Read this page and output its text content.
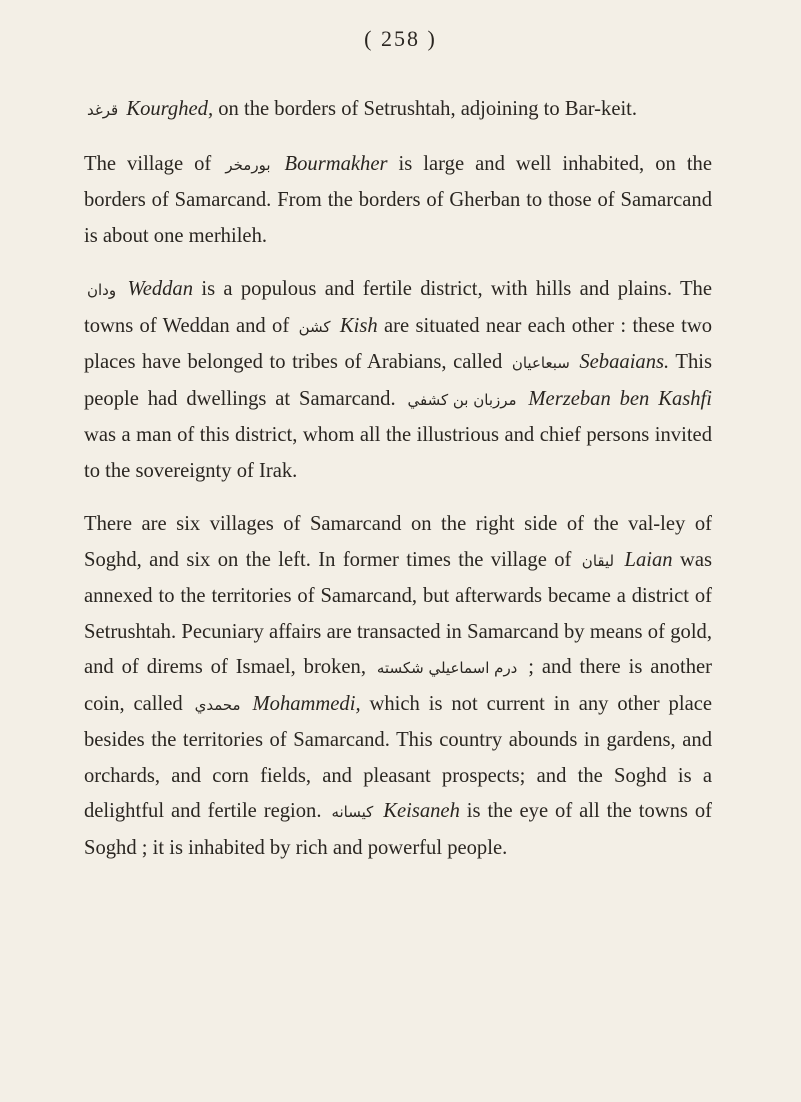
( 258 )

قرغد Kourghed, on the borders of Setrushtah, adjoining to Bar-keit.

The village of بورمخر Bourmakher is large and well inhabited, on the borders of Samarcand. From the borders of Gherban to those of Samarcand is about one merhileh.

ودان Weddan is a populous and fertile district, with hills and plains. The towns of Weddan and of كشن Kish are situated near each other : these two places have belonged to tribes of Arabians, called سبعاعيان Sebaaians. This people had dwellings at Samarcand. مرزبان بن كشفي Merzeban ben Kashfi was a man of this district, whom all the illustrious and chief persons invited to the sovereignty of Irak.

There are six villages of Samarcand on the right side of the val-ley of Soghd, and six on the left. In former times the village of ليقان Laian was annexed to the territories of Samarcand, but afterwards became a district of Setrushtah. Pecuniary affairs are transacted in Samarcand by means of gold, and of direms of Ismael, broken, درم اسماعيلي شكسته ; and there is another coin, called محمدي Mohammedi, which is not current in any other place besides the territories of Samarcand. This country abounds in gardens, and orchards, and corn fields, and pleasant prospects; and the Soghd is a delightful and fertile region. كيسانه Keisaneh is the eye of all the towns of Soghd ; it is inhabited by rich and powerful people.
